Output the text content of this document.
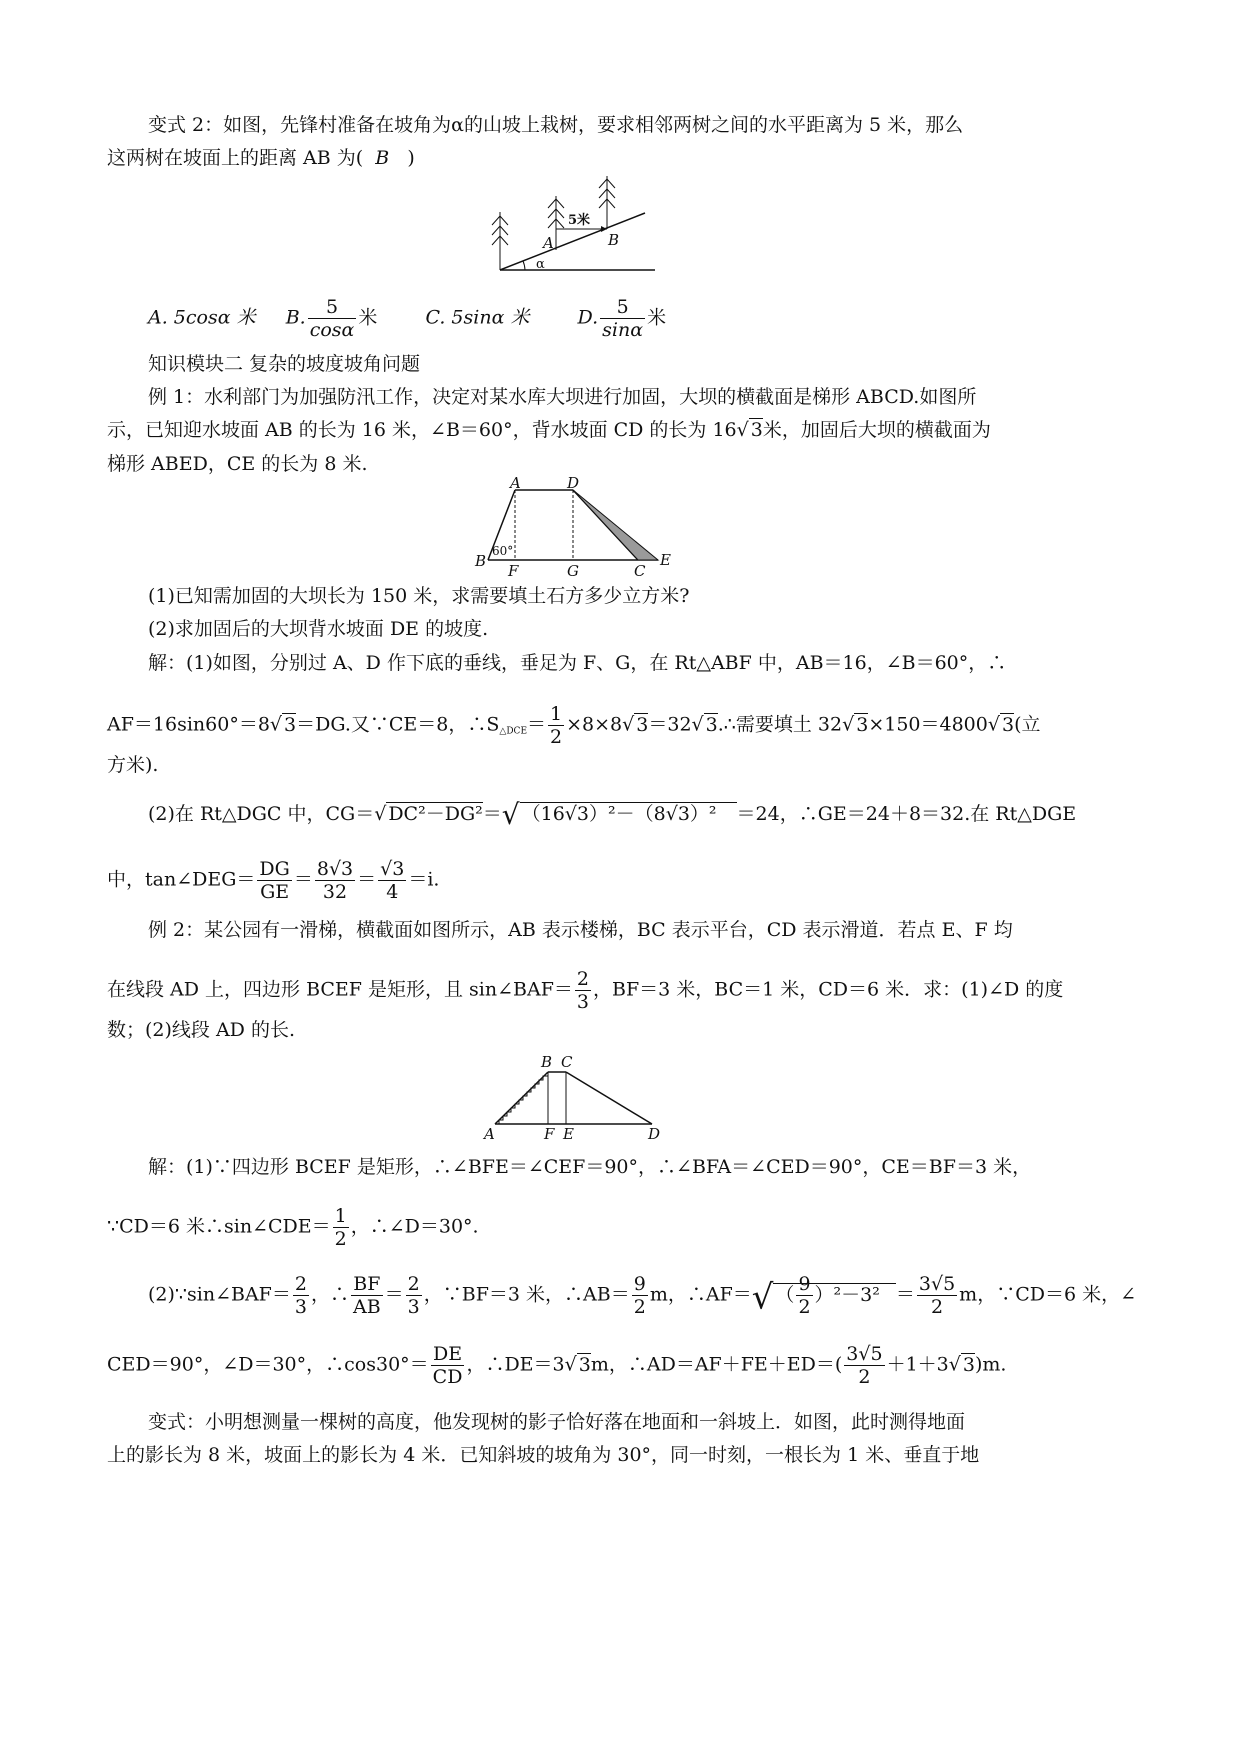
变式 2：如图，先锋村准备在坡角为α的山坡上栽树，要求相邻两树之间的水平距离为 5 米，那么
这两树在坡面上的距离 AB 为( B )
5米
A	B
α
A. 5cosα 米 B. $\frac{5}{\cos\alpha}$ 米	C. 5sinα 米	D. $\frac{5}{\sin\alpha}$ 米
知识模块二 复杂的坡度坡角问题
例 1：水利部门为加强防汛工作，决定对某水库大坝进行加固，大坝的横截面是梯形 ABCD.如图所
示，已知迎水坡面 AB 的长为 16 米，∠B＝60°，背水坡面 CD 的长为 16√ 3米，加固后大坝的横截面为
梯形 ABED，CE 的长为 8 米.
A	D
B
F	G	C
E
60°
(1)已知需加固的大坝长为 150 米，求需要填土石方多少立方米?
(2)求加固后的大坝背水坡面 DE 的坡度.
解：(1)如图，分别过 A、D 作下底的垂线，垂足为 F、G，在 Rt△ABF 中，AB＝16，∠B＝60°，∴
AF＝16sin60°＝8√ 3＝DG.又∵CE＝8，$\therefore S_{\triangle DCE}= \frac{1}{2} \times 8\times 8√$ 3＝32√ 3.∴需要填土 32√ 3×150＝4800√ 3(立
方米).
(2)在 Rt△DGC 中，CG＝√ DC²－DG²＝√ （16√3）²－（8√3）² ＝24，∴GE＝24＋8＝32.在 Rt△DGE
中，tan∠DEG＝ $\frac{DG}{GE} = \frac{8√3}{32} = \frac{√3}{4} =i$.
例 2：某公园有一滑梯，横截面如图所示，AB 表示楼梯，BC 表示平台，CD 表示滑道．若点 E、F 均
在线段 AD 上，四边形 BCEF 是矩形，且 sin∠BAF＝ $\frac{2}{3}$ ，BF＝3 米，BC＝1 米，CD＝6 米．求：(1)∠D 的度
数；(2)线段 AD 的长.
A
B C
D
E
F
解：(1)∵四边形 BCEF 是矩形，∴∠BFE＝∠CEF＝90°，∴∠BFA＝∠CED＝90°，CE＝BF＝3 米，
∵CD＝6 米∴sin∠CDE＝ $\frac{1}{2}$ ，∴∠D＝30°.
(2)∵sin∠BAF＝ $\frac{2}{3}$ ，∴ $\frac{BF}{AB} = \frac{2}{3}$ ，∵BF＝3 米，∴AB＝ $\frac{9}{2}$ m，∴AF＝√ （ $\frac{9}{2} )^2-3^2 = \frac{3√5}{2}$ m，∵CD＝6 米，∠
CED＝90°，∠D＝30°，∴cos30°＝ $\frac{DE}{CD}$ ，∴DE＝3√ 3m，∴AD＝AF＋FE＋ED＝( $\frac{3√5}{2} +1+3√$ 3)m.
变式：小明想测量一棵树的高度，他发现树的影子恰好落在地面和一斜坡上．如图，此时测得地面
上的影长为 8 米，坡面上的影长为 4 米．已知斜坡的坡角为 30°，同一时刻，一根长为 1 米、垂直于地
